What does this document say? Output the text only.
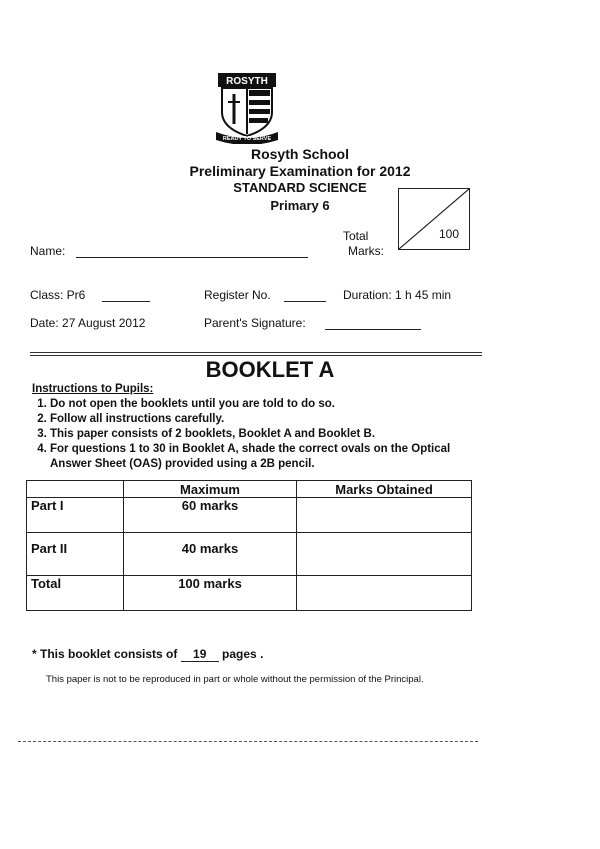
ROSYTH
READY TO SERVE
Rosyth School
Preliminary Examination for 2012
STANDARD SCIENCE
Primary 6
Total
Marks:
100
Name:
Class: Pr6	Register No.	Duration: 1 h 45 min
Date: 27 August 2012	Parent's Signature:
BOOKLET A
Instructions to Pupils:
1. Do not open the booklets until you are told to do so.
2. Follow all instructions carefully.
3. This paper consists of 2 booklets, Booklet A and Booklet B.
4. For questions 1 to 30 in Booklet A, shade the correct ovals on the Optical Answer Sheet (OAS) provided using a 2B pencil.
	Maximum	Marks Obtained
Part I	60 marks	
Part II	40 marks	
Total	100 marks	
* This booklet consists of 19 pages .
This paper is not to be reproduced in part or whole without the permission of the Principal.
